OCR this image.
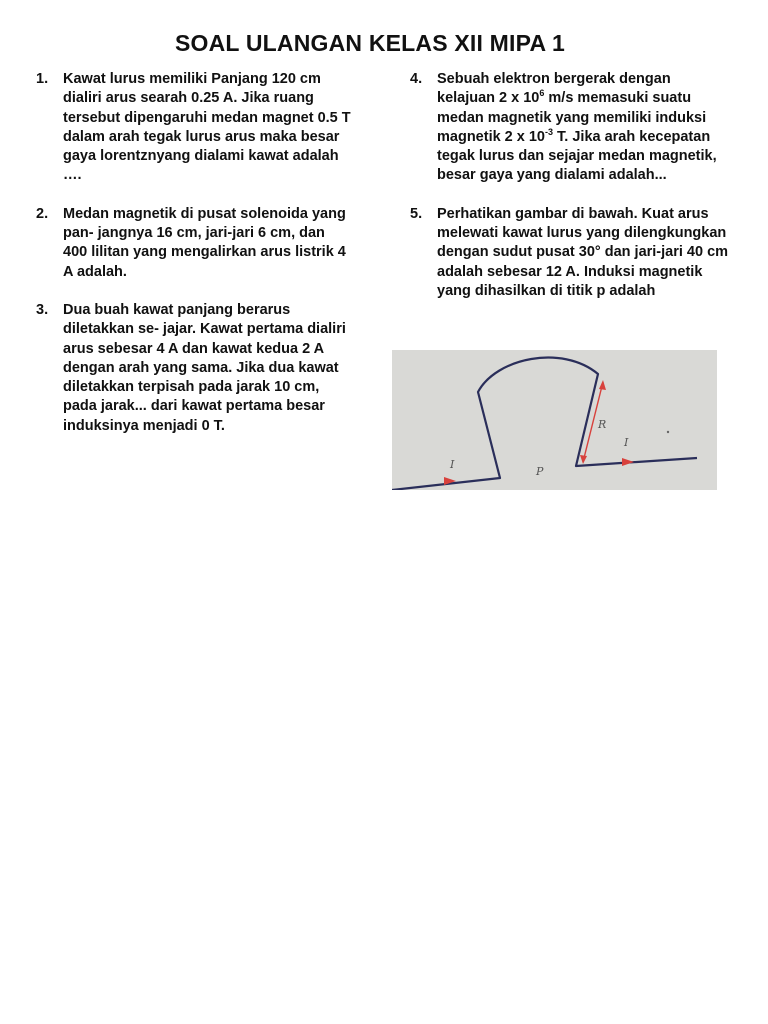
SOAL ULANGAN KELAS XII MIPA 1
1.	Kawat lurus memiliki Panjang 120 cm dialiri arus searah 0.25 A. Jika ruang tersebut dipengaruhi medan magnet 0.5 T dalam arah tegak lurus arus maka besar gaya lorentznyang dialami kawat adalah ….
2.	Medan magnetik di pusat solenoida yang pan- jangnya 16 cm, jari-jari 6 cm, dan 400 lilitan yang mengalirkan arus listrik 4 A adalah.
3.	Dua buah kawat panjang berarus diletakkan se- jajar. Kawat pertama dialiri arus sebesar 4 A dan kawat kedua 2 A dengan arah yang sama. Jika dua kawat diletakkan terpisah pada jarak 10 cm, pada jarak... dari kawat pertama besar induksinya menjadi 0 T.
4.	Sebuah elektron bergerak dengan kelajuan 2 x $10^6$ m/s memasuki suatu medan magnetik yang memiliki induksi magnetik 2 x $10^{-3}$ T. Jika arah kecepatan tegak lurus dan sejajar medan magnetik, besar gaya yang dialami adalah...
5.	Perhatikan gambar di bawah. Kuat arus melewati kawat lurus yang dilengkungkan dengan sudut pusat 30° dan jari-jari 40 cm adalah sebesar 12 A. Induksi magnetik yang dihasilkan di titik p adalah
I
I
P
R
